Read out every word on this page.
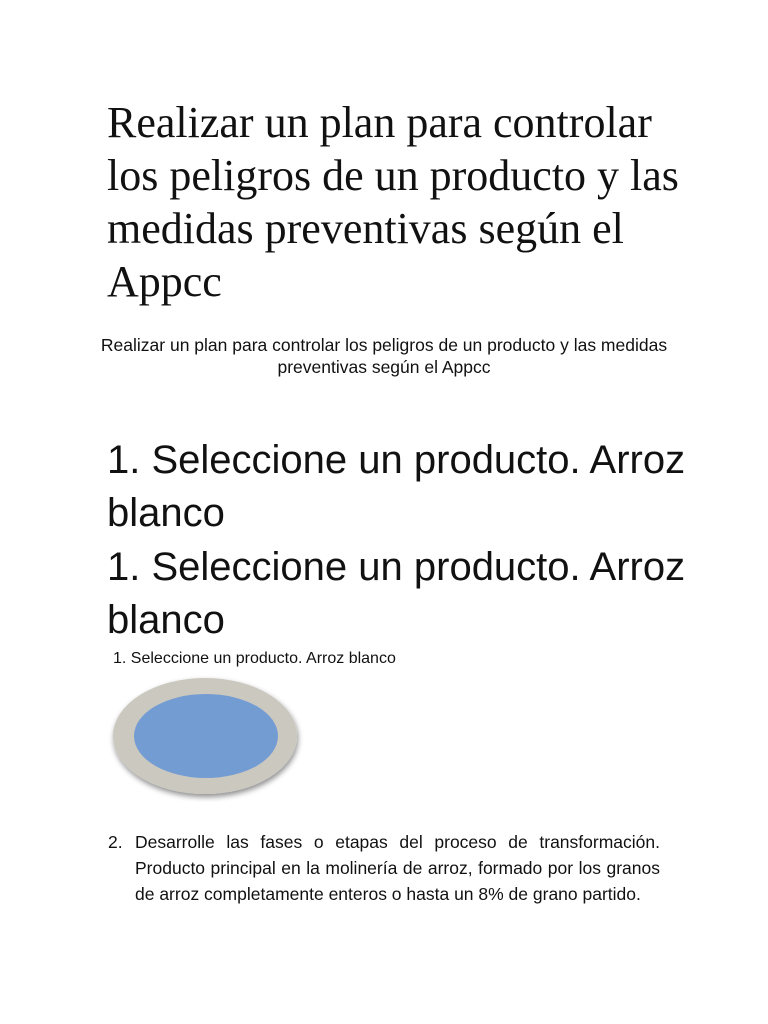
Realizar un plan para controlar los peligros de un producto y las medidas preventivas según el Appcc

Realizar un plan para controlar los peligros de un producto y las medidas preventivas según el Appcc

1. Seleccione un producto. Arroz blanco

1. Seleccione un producto. Arroz blanco

1. Seleccione un producto. Arroz blanco

2. Desarrolle las fases o etapas del proceso de transformación. Producto principal en la molinería de arroz, formado por los granos de arroz completamente enteros o hasta un 8% de grano partido.
